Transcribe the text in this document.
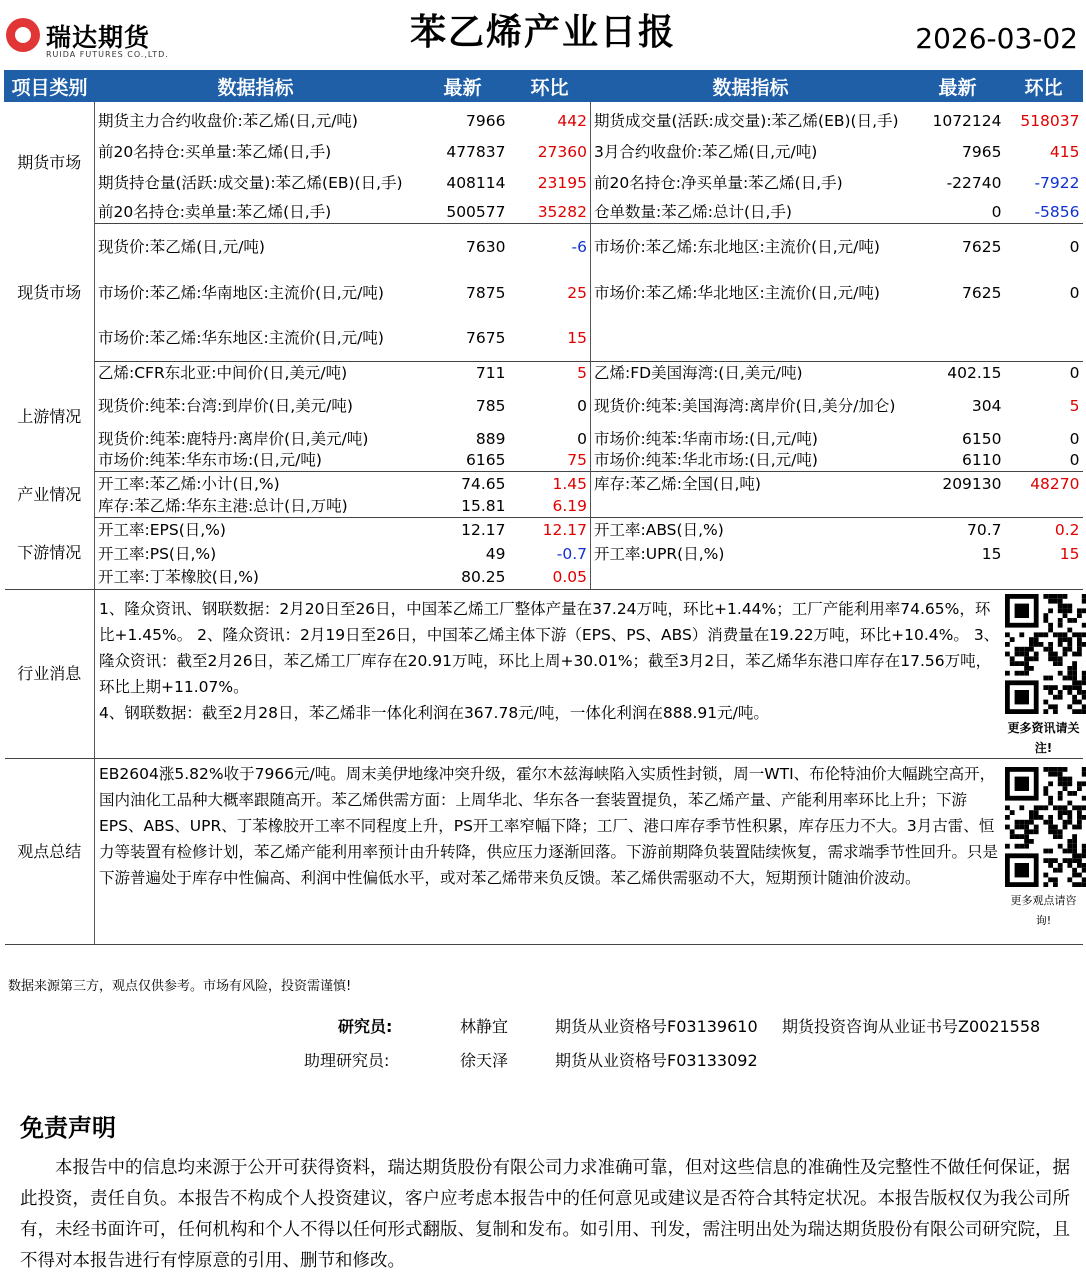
瑞达期货
RUIDA FUTURES CO.,LTD.
苯乙烯产业日报	2026-03-02
项目类别	数据指标	最新	环比	数据指标	最新	环比
期货市场	期货主力合约收盘价:苯乙烯(日,元/吨)	7966	442	期货成交量(活跃:成交量):苯乙烯(EB)(日,手)	1072124	518037
	前20名持仓:买单量:苯乙烯(日,手)	477837	27360	3月合约收盘价:苯乙烯(日,元/吨)	7965	415
	期货持仓量(活跃:成交量):苯乙烯(EB)(日,手)	408114	23195	前20名持仓:净买单量:苯乙烯(日,手)	-22740	-7922
	前20名持仓:卖单量:苯乙烯(日,手)	500577	35282	仓单数量:苯乙烯:总计(日,手)	0	-5856
现货市场	现货价:苯乙烯(日,元/吨)	7630	-6	市场价:苯乙烯:东北地区:主流价(日,元/吨)	7625	0
	市场价:苯乙烯:华南地区:主流价(日,元/吨)	7875	25	市场价:苯乙烯:华北地区:主流价(日,元/吨)	7625	0
	市场价:苯乙烯:华东地区:主流价(日,元/吨)	7675	15			
上游情况	乙烯:CFR东北亚:中间价(日,美元/吨)	711	5	乙烯:FD美国海湾:(日,美元/吨)	402.15	0
	现货价:纯苯:台湾:到岸价(日,美元/吨)	785	0	现货价:纯苯:美国海湾:离岸价(日,美分/加仑)	304	5
	现货价:纯苯:鹿特丹:离岸价(日,美元/吨)	889	0	市场价:纯苯:华南市场:(日,元/吨)	6150	0
	市场价:纯苯:华东市场:(日,元/吨)	6165	75	市场价:纯苯:华北市场:(日,元/吨)	6110	0
产业情况	开工率:苯乙烯:小计(日,%)	74.65	1.45	库存:苯乙烯:全国(日,吨)	209130	48270
	库存:苯乙烯:华东主港:总计(日,万吨)	15.81	6.19			
下游情况	开工率:EPS(日,%)	12.17	12.17	开工率:ABS(日,%)	70.7	0.2
	开工率:PS(日,%)	49	-0.7	开工率:UPR(日,%)	15	15
	开工率:丁苯橡胶(日,%)	80.25	0.05			
行业消息	1、隆众资讯、钢联数据：2月20日至26日，中国苯乙烯工厂整体产量在37.24万吨，环比+1.44%；工厂产能利用率74.65%，环比+1.45%。 2、隆众资讯：2月19日至26日，中国苯乙烯主体下游（EPS、PS、ABS）消费量在19.22万吨，环比+10.4%。 3、隆众资讯：截至2月26日，苯乙烯工厂库存在20.91万吨，环比上周+30.01%；截至3月2日，苯乙烯华东港口库存在17.56万吨，环比上期+11.07%。
4、钢联数据：截至2月28日，苯乙烯非一体化利润在367.78元/吨，一体化利润在888.91元/吨。					更多资讯请关注!

观点总结	EB2604涨5.82%收于7966元/吨。周末美伊地缘冲突升级，霍尔木兹海峡陷入实质性封锁，周一WTI、布伦特油价大幅跳空高开，国内油化工品种大概率跟随高开。苯乙烯供需方面：上周华北、华东各一套装置提负，苯乙烯产量、产能利用率环比上升；下游EPS、ABS、UPR、丁苯橡胶开工率不同程度上升，PS开工率窄幅下降；工厂、港口库存季节性积累，库存压力不大。3月古雷、恒力等装置有检修计划，苯乙烯产能利用率预计由升转降，供应压力逐渐回落。下游前期降负装置陆续恢复，需求端季节性回升。只是下游普遍处于库存中性偏高、利润中性偏低水平，或对苯乙烯带来负反馈。苯乙烯供需驱动不大，短期预计随油价波动。					更多观点请咨询!
数据来源第三方，观点仅供参考。市场有风险，投资需谨慎!
研究员:	林静宜	期货从业资格号F03139610 期货投资咨询从业证书号Z0021558
助理研究员:	徐天泽	期货从业资格号F03133092
免责声明
本报告中的信息均来源于公开可获得资料，瑞达期货股份有限公司力求准确可靠，但对这些信息的准确性及完整性不做任何保证，据此投资，责任自负。本报告不构成个人投资建议，客户应考虑本报告中的任何意见或建议是否符合其特定状况。本报告版权仅为我公司所有，未经书面许可，任何机构和个人不得以任何形式翻版、复制和发布。如引用、刊发，需注明出处为瑞达期货股份有限公司研究院，且不得对本报告进行有悖原意的引用、删节和修改。
